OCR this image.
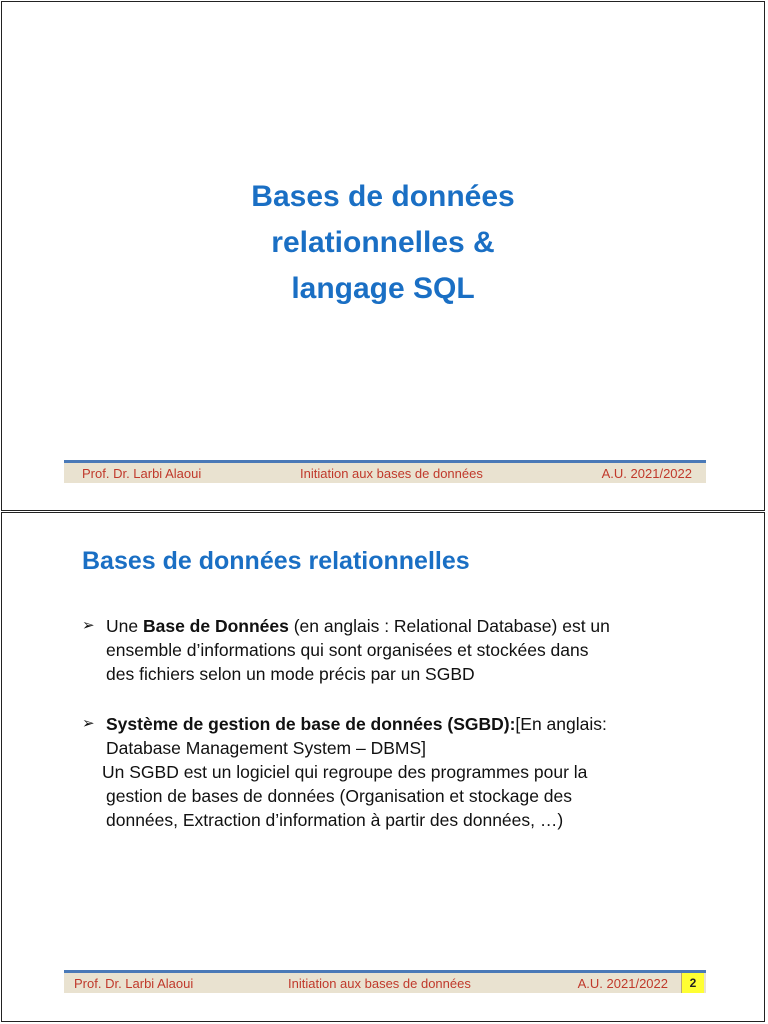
Bases de données
relationnelles &
langage SQL
Prof. Dr. Larbi Alaoui	Initiation aux bases de données	A.U. 2021/2022
Bases de données relationnelles
➢ Une Base de Données (en anglais : Relational Database) est un
ensemble d’informations qui sont organisées et stockées dans
des fichiers selon un mode précis par un SGBD
➢ Système de gestion de base de données (SGBD):[En anglais:
Database Management System – DBMS]
Un SGBD est un logiciel qui regroupe des programmes pour la
gestion de bases de données (Organisation et stockage des
données, Extraction d’information à partir des données, …)
Prof. Dr. Larbi Alaoui	Initiation aux bases de données	A.U. 2021/2022	2
